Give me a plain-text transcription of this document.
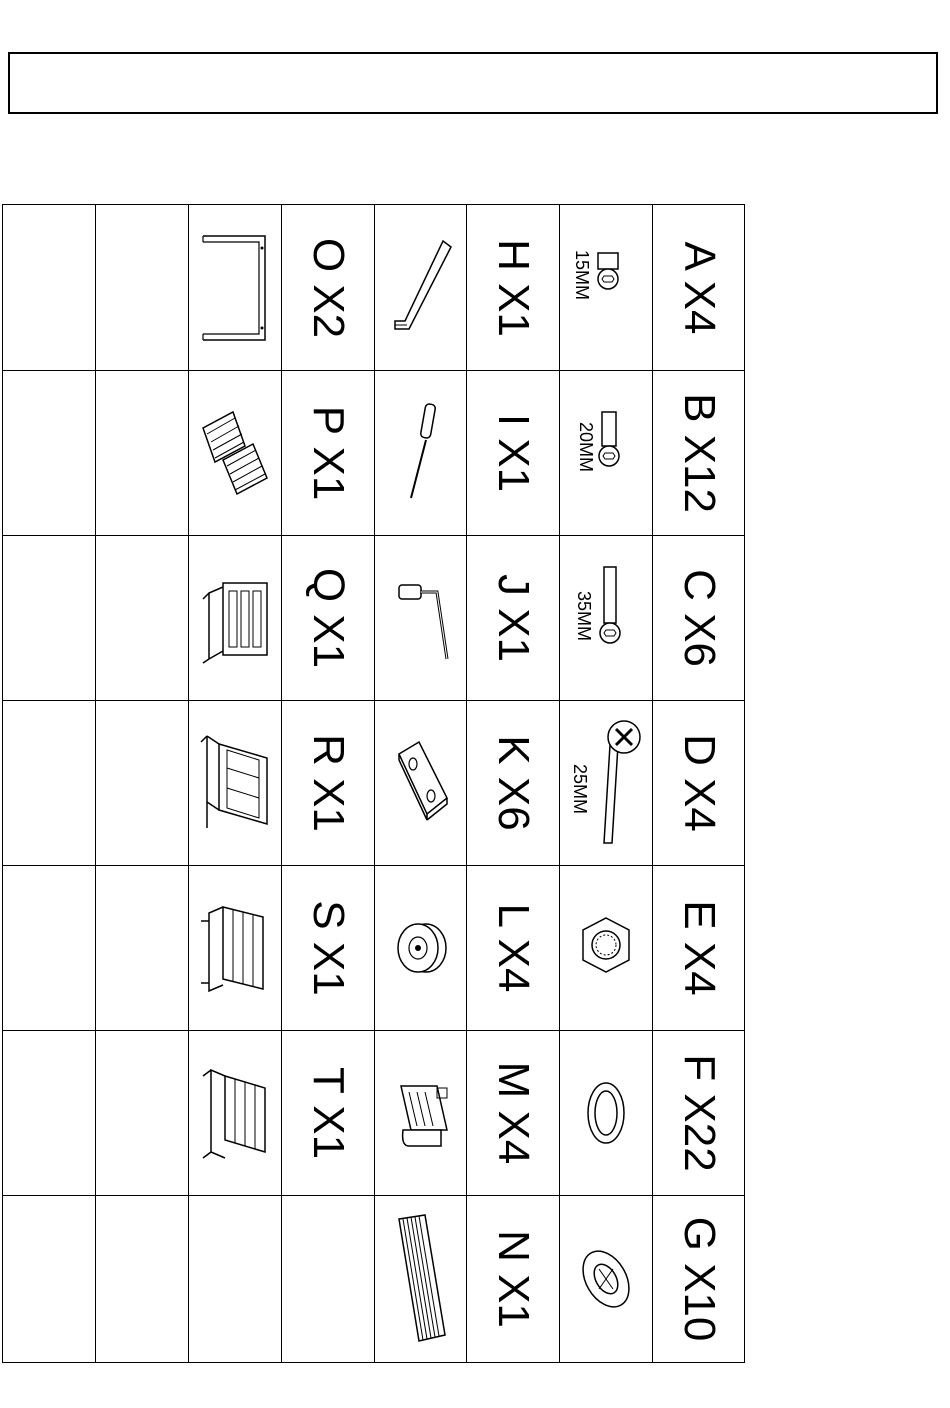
O X2		H X1	15MM	A X4

P X1		I X1	20MM	B X12

Q X1		J X1	35MM	C X6

R X1		K X6	25MM	D X4

S X1		L X4		E X4

T X1		M X4		F X22

N X1		G X10
